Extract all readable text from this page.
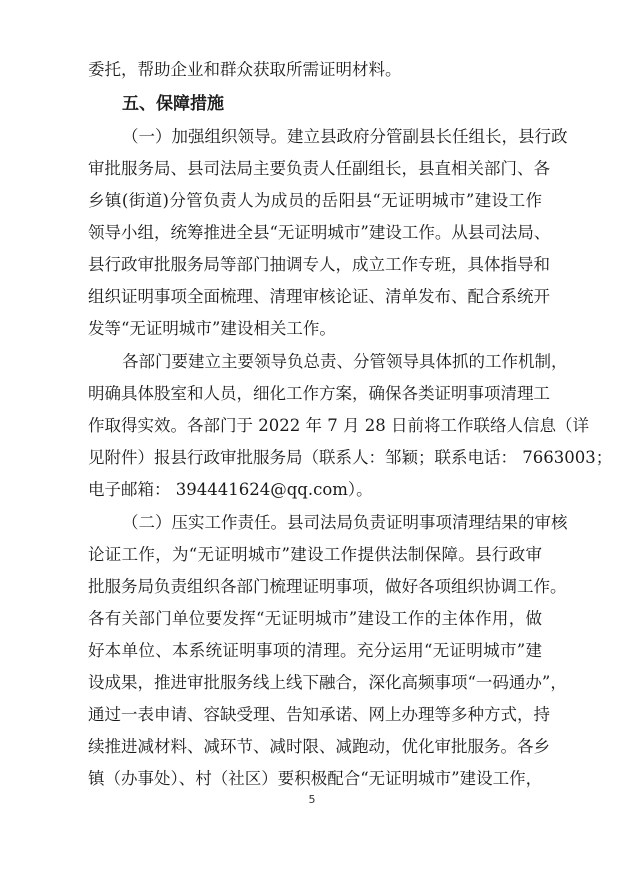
委托，帮助企业和群众获取所需证明材料。
五、保障措施
（一）加强组织领导。建立县政府分管副县长任组长，县行政
审批服务局、县司法局主要负责人任副组长，县直相关部门、各
乡镇(街道)分管负责人为成员的岳阳县“无证明城市”建设工作
领导小组，统筹推进全县“无证明城市”建设工作。从县司法局、
县行政审批服务局等部门抽调专人，成立工作专班，具体指导和
组织证明事项全面梳理、清理审核论证、清单发布、配合系统开
发等“无证明城市”建设相关工作。
各部门要建立主要领导负总责、分管领导具体抓的工作机制，
明确具体股室和人员，细化工作方案，确保各类证明事项清理工
作取得实效。各部门于 2022 年 7 月 28 日前将工作联络人信息（详
见附件）报县行政审批服务局（联系人：邹颖；联系电话： 7663003；
电子邮箱： 394441624@qq.com）。
（二）压实工作责任。县司法局负责证明事项清理结果的审核
论证工作，为“无证明城市”建设工作提供法制保障。县行政审
批服务局负责组织各部门梳理证明事项，做好各项组织协调工作。
各有关部门单位要发挥“无证明城市”建设工作的主体作用，做
好本单位、本系统证明事项的清理。充分运用“无证明城市”建
设成果，推进审批服务线上线下融合，深化高频事项“一码通办”，
通过一表申请、容缺受理、告知承诺、网上办理等多种方式，持
续推进减材料、减环节、减时限、减跑动，优化审批服务。各乡
镇（办事处）、村（社区）要积极配合“无证明城市”建设工作，
5
